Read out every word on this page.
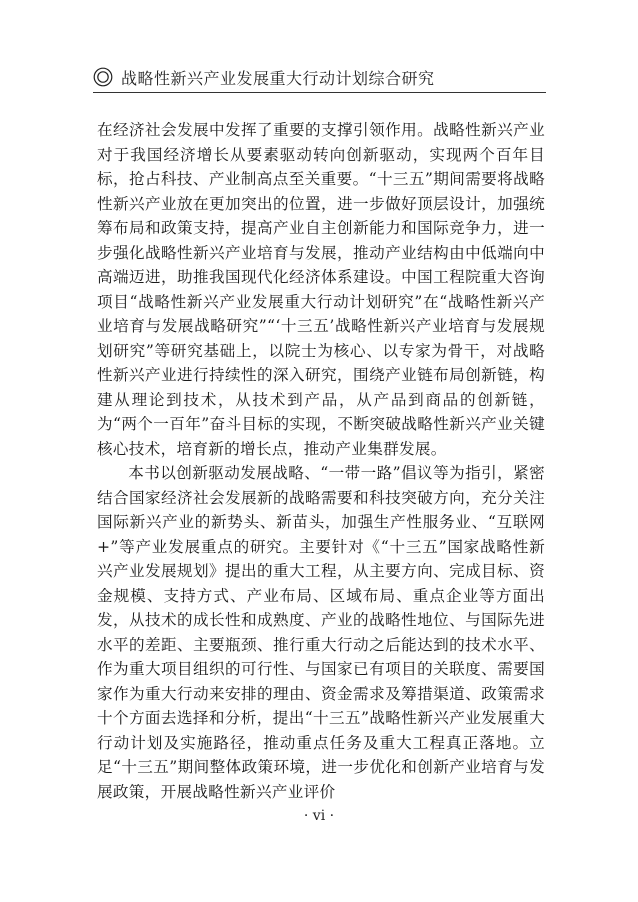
战略性新兴产业发展重大行动计划综合研究

在经济社会发展中发挥了重要的支撑引领作用。战略性新兴产业对于我国经济增长从要素驱动转向创新驱动，实现两个百年目标，抢占科技、产业制高点至关重要。“十三五”期间需要将战略性新兴产业放在更加突出的位置，进一步做好顶层设计，加强统筹布局和政策支持，提高产业自主创新能力和国际竞争力，进一步强化战略性新兴产业培育与发展，推动产业结构由中低端向中高端迈进，助推我国现代化经济体系建设。中国工程院重大咨询项目“战略性新兴产业发展重大行动计划研究”在“战略性新兴产业培育与发展战略研究”“‘十三五’战略性新兴产业培育与发展规划研究”等研究基础上，以院士为核心、以专家为骨干，对战略性新兴产业进行持续性的深入研究，围绕产业链布局创新链，构建从理论到技术，从技术到产品，从产品到商品的创新链，为“两个一百年”奋斗目标的实现，不断突破战略性新兴产业关键核心技术，培育新的增长点，推动产业集群发展。

本书以创新驱动发展战略、“一带一路”倡议等为指引，紧密结合国家经济社会发展新的战略需要和科技突破方向，充分关注国际新兴产业的新势头、新苗头，加强生产性服务业、“互联网+”等产业发展重点的研究。主要针对《“十三五”国家战略性新兴产业发展规划》提出的重大工程，从主要方向、完成目标、资金规模、支持方式、产业布局、区域布局、重点企业等方面出发，从技术的成长性和成熟度、产业的战略性地位、与国际先进水平的差距、主要瓶颈、推行重大行动之后能达到的技术水平、作为重大项目组织的可行性、与国家已有项目的关联度、需要国家作为重大行动来安排的理由、资金需求及筹措渠道、政策需求十个方面去选择和分析，提出“十三五”战略性新兴产业发展重大行动计划及实施路径，推动重点任务及重大工程真正落地。立足“十三五”期间整体政策环境，进一步优化和创新产业培育与发展政策，开展战略性新兴产业评价

· vi ·
